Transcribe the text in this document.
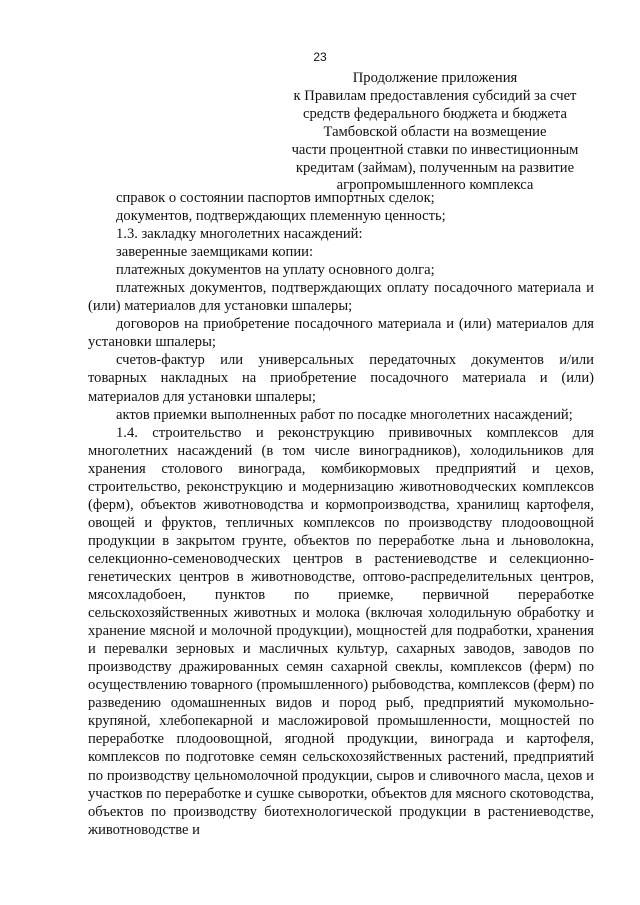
23
Продолжение приложения
к Правилам предоставления субсидий за счет
средств федерального бюджета и бюджета
Тамбовской области на возмещение
части процентной ставки по инвестиционным
кредитам (займам), полученным на развитие
агропромышленного комплекса

справок о состоянии паспортов импортных сделок;

документов, подтверждающих племенную ценность;

1.3. закладку многолетних насаждений:

заверенные заемщиками копии:

платежных документов на уплату основного долга;

платежных документов, подтверждающих оплату посадочного материала и (или) материалов для установки шпалеры;

договоров на приобретение посадочного материала и (или) материалов для установки шпалеры;

счетов-фактур или универсальных передаточных документов и/или товарных накладных на приобретение посадочного материала и (или) материалов для установки шпалеры;

актов приемки выполненных работ по посадке многолетних насаждений;

1.4. строительство и реконструкцию прививочных комплексов для многолетних насаждений (в том числе виноградников), холодильников для хранения столового винограда, комбикормовых предприятий и цехов, строительство, реконструкцию и модернизацию животноводческих комплексов (ферм), объектов животноводства и кормопроизводства, хранилищ картофеля, овощей и фруктов, тепличных комплексов по производству плодоовощной продукции в закрытом грунте, объектов по переработке льна и льноволокна, селекционно-семеноводческих центров в растениеводстве и селекционно-генетических центров в животноводстве, оптово-распределительных центров, мясохладобоен, пунктов по приемке, первичной переработке сельскохозяйственных животных и молока (включая холодильную обработку и хранение мясной и молочной продукции), мощностей для подработки, хранения и перевалки зерновых и масличных культур, сахарных заводов, заводов по производству дражированных семян сахарной свеклы, комплексов (ферм) по осуществлению товарного (промышленного) рыбоводства, комплексов (ферм) по разведению одомашненных видов и пород рыб, предприятий мукомольно-крупяной, хлебопекарной и масложировой промышленности, мощностей по переработке плодоовощной, ягодной продукции, винограда и картофеля, комплексов по подготовке семян сельскохозяйственных растений, предприятий по производству цельномолочной продукции, сыров и сливочного масла, цехов и участков по переработке и сушке сыворотки, объектов для мясного скотоводства, объектов по производству биотехнологической продукции в растениеводстве, животноводстве и
